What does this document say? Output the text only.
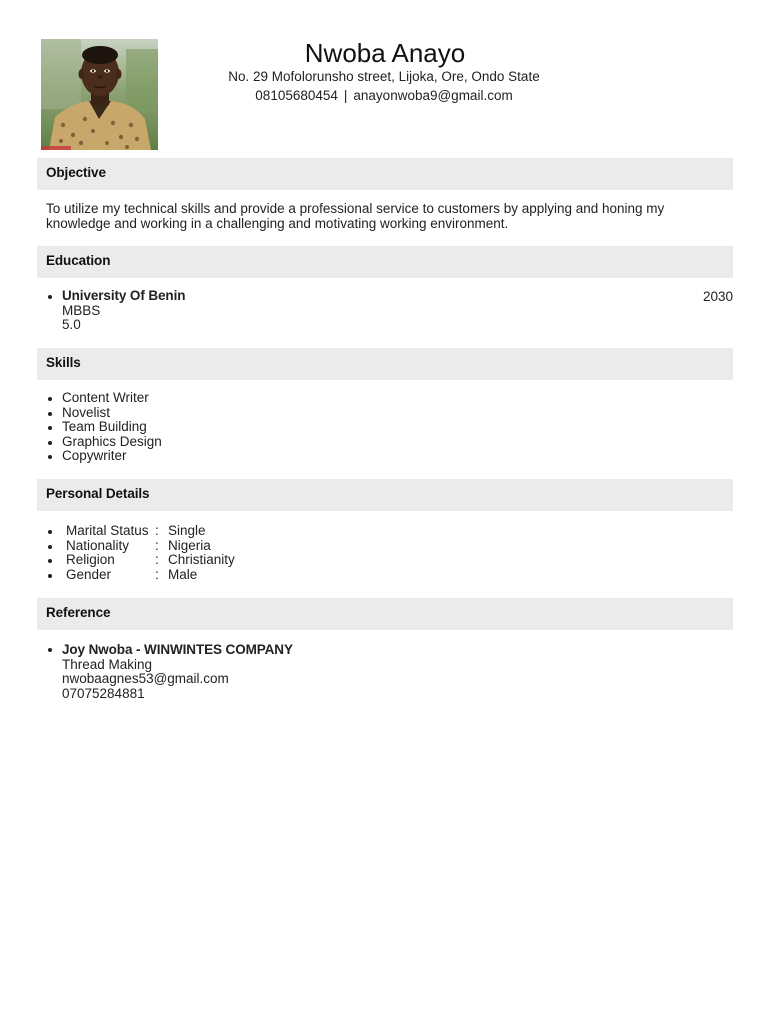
Nwoba Anayo
No. 29 Mofolorunsho street, Lijoka, Ore, Ondo State
08105680454 | anayonwoba9@gmail.com
Objective
To utilize my technical skills and provide a professional service to customers by applying and honing my knowledge and working in a challenging and motivating working environment.
Education
University Of Benin
MBBS
5.0
2030
Skills
Content Writer
Novelist
Team Building
Graphics Design
Copywriter
Personal Details
Marital Status : Single
Nationality	: Nigeria
Religion	: Christianity
Gender	: Male
Reference
Joy Nwoba - WINWINTES COMPANY
Thread Making
nwobaagnes53@gmail.com
07075284881
